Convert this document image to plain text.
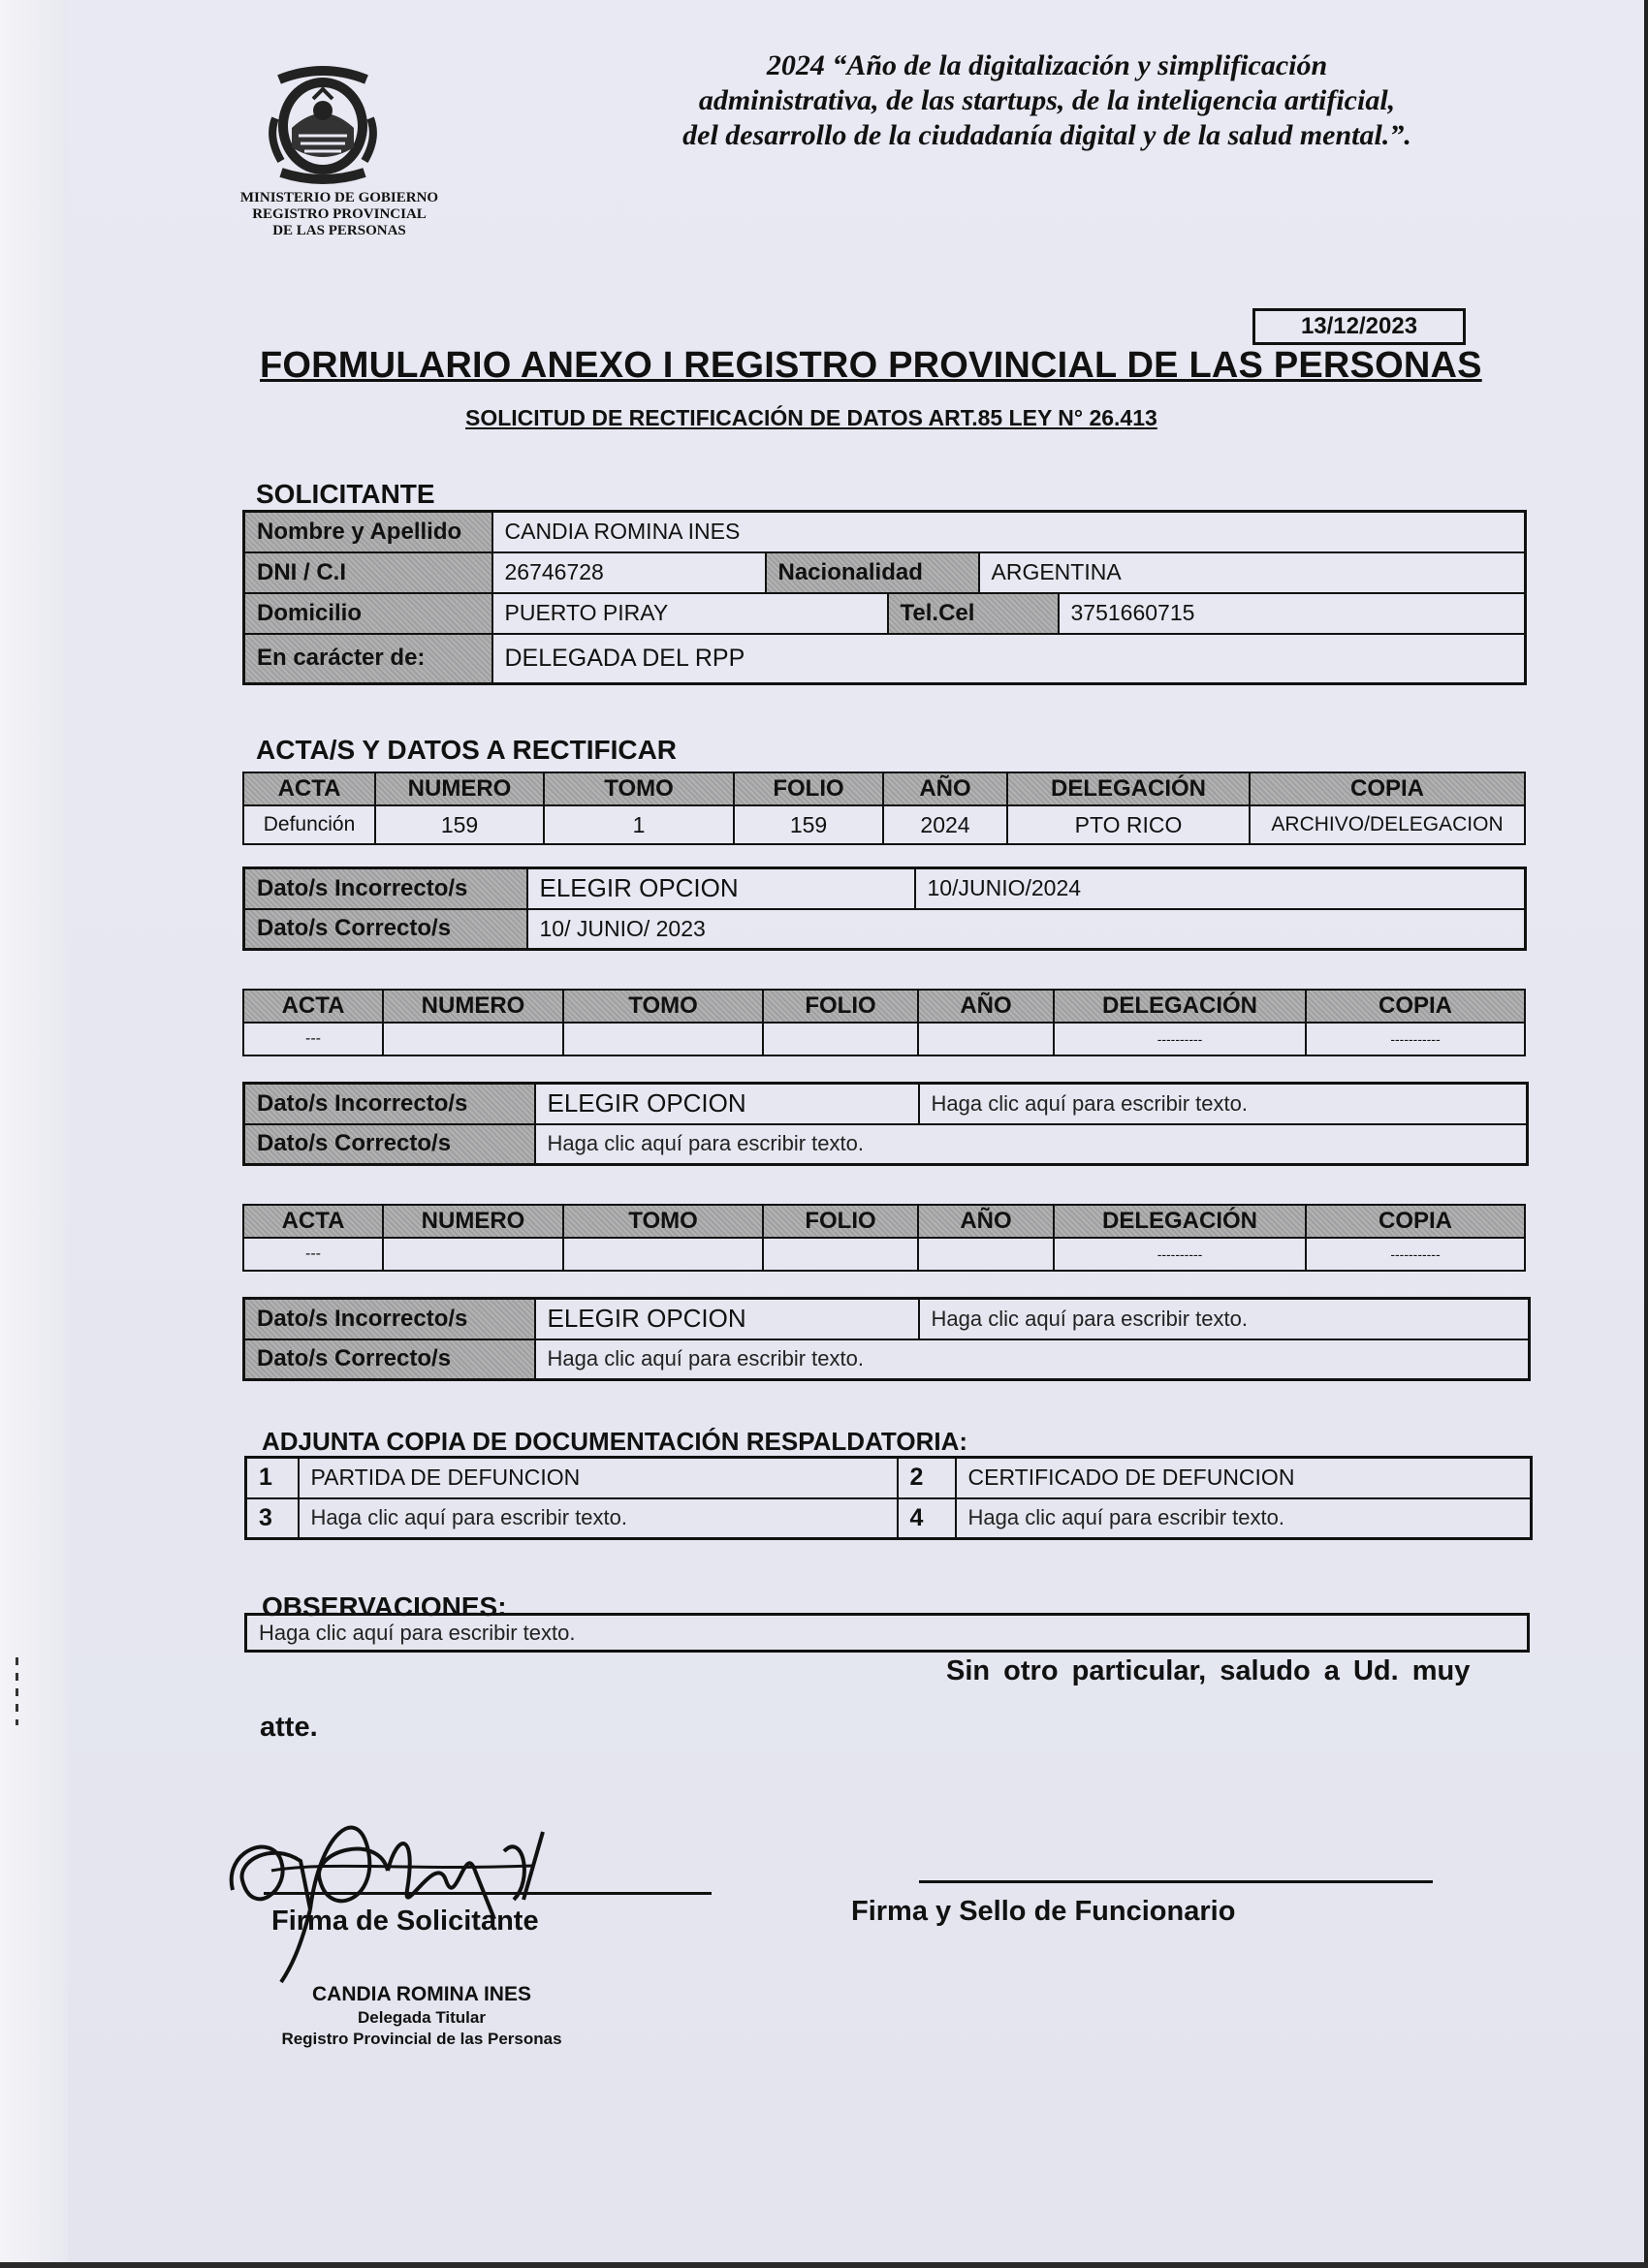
MINISTERIO DE GOBIERNO
REGISTRO PROVINCIAL
DE LAS PERSONAS
2024 “Año de la digitalización y simplificación
administrativa, de las startups, de la inteligencia artificial,
del desarrollo de la ciudadanía digital y de la salud mental.”.
13/12/2023
FORMULARIO ANEXO I REGISTRO PROVINCIAL DE LAS PERSONAS
SOLICITUD DE RECTIFICACIÓN DE DATOS ART.85 LEY N° 26.413
SOLICITANTE
Nombre y Apellido	CANDIA ROMINA INES				
DNI / C.I	26746728	Nacionalidad		ARGENTINA	
Domicilio	PUERTO PIRAY		Tel.Cel		3751660715
En carácter de:	DELEGADA DEL RPP				
ACTA/S Y DATOS A RECTIFICAR
ACTA	NUMERO	TOMO	FOLIO	AÑO	DELEGACIÓN	COPIA
Defunción	159	1	159	2024	PTO RICO	ARCHIVO/DELEGACION
Dato/s Incorrecto/s	ELEGIR OPCION	10/JUNIO/2024
Dato/s Correcto/s	10/ JUNIO/ 2023	
ACTA	NUMERO	TOMO	FOLIO	AÑO	DELEGACIÓN	COPIA
---					----------	-----------
Dato/s Incorrecto/s	ELEGIR OPCION	Haga clic aquí para escribir texto.
Dato/s Correcto/s	Haga clic aquí para escribir texto.	
ACTA	NUMERO	TOMO	FOLIO	AÑO	DELEGACIÓN	COPIA
---					----------	-----------
Dato/s Incorrecto/s	ELEGIR OPCION	Haga clic aquí para escribir texto.
Dato/s Correcto/s	Haga clic aquí para escribir texto.	
ADJUNTA COPIA DE DOCUMENTACIÓN RESPALDATORIA:
1	PARTIDA DE DEFUNCION	2	CERTIFICADO DE DEFUNCION
3	Haga clic aquí para escribir texto.	4	Haga clic aquí para escribir texto.
OBSERVACIONES:
Haga clic aquí para escribir texto.
Sin otro particular, saludo a Ud. muy
atte.
Firma de Solicitante	Firma y Sello de Funcionario
CANDIA ROMINA INES
Delegada Titular
Registro Provincial de las Personas
